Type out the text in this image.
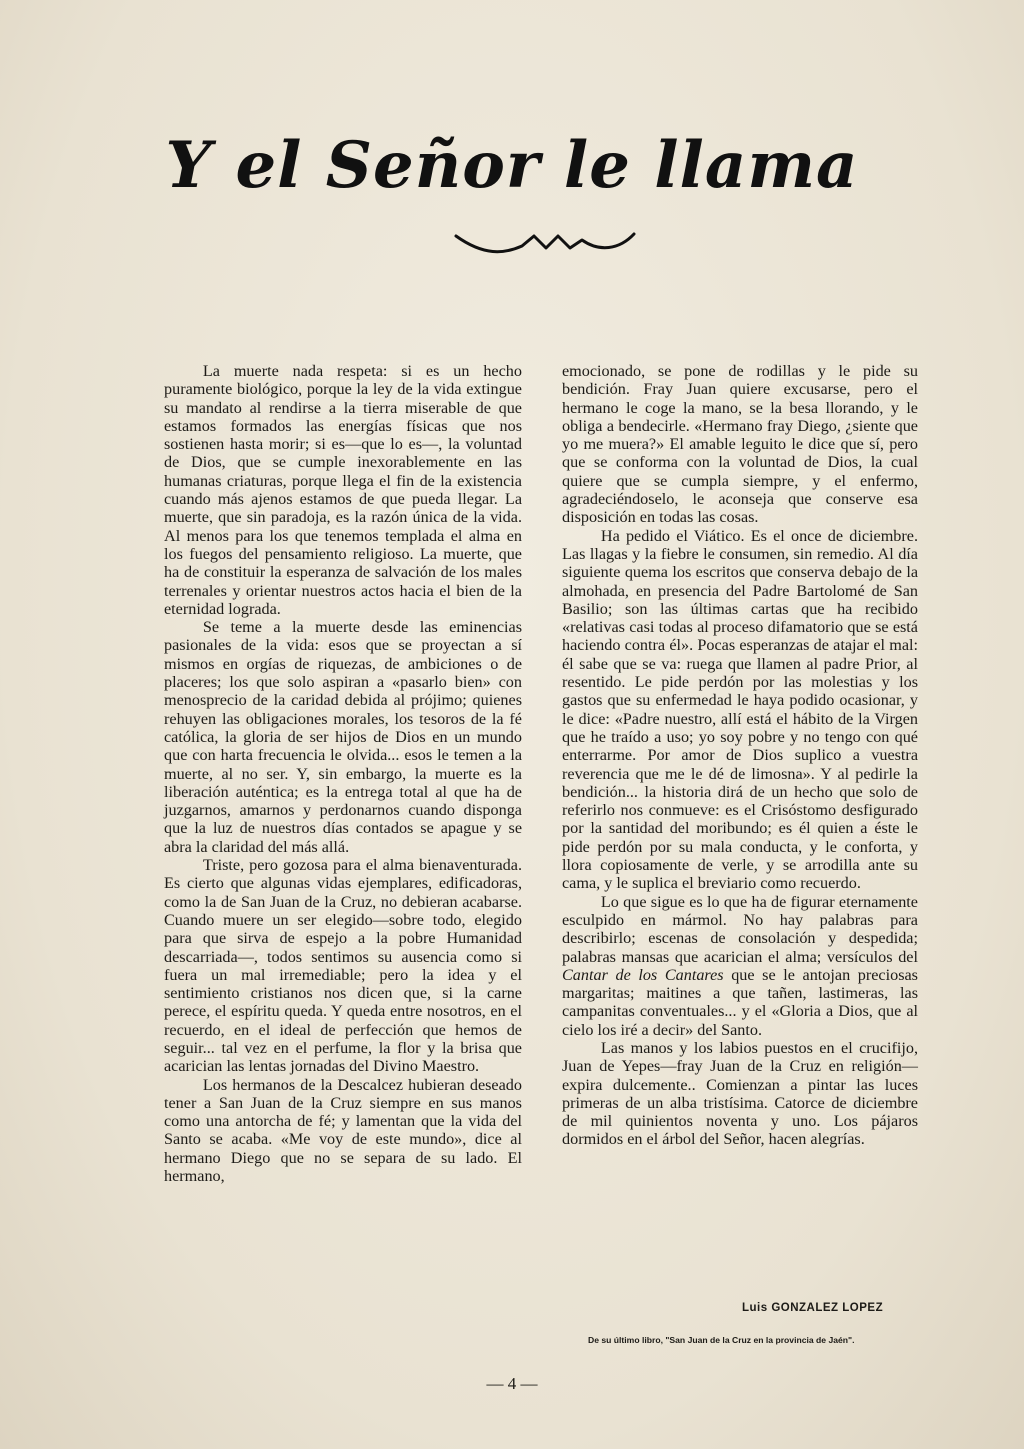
Y el Señor le llama

La muerte nada respeta: si es un hecho puramente biológico, porque la ley de la vida extingue su mandato al rendirse a la tierra miserable de que estamos formados las energías físicas que nos sostienen hasta morir; si es—que lo es—, la voluntad de Dios, que se cumple inexorablemente en las humanas criaturas, porque llega el fin de la existencia cuando más ajenos estamos de que pueda llegar. La muerte, que sin paradoja, es la razón única de la vida. Al menos para los que tenemos templada el alma en los fuegos del pensamiento religioso. La muerte, que ha de constituir la esperanza de salvación de los males terrenales y orientar nuestros actos hacia el bien de la eternidad lograda.

Se teme a la muerte desde las eminencias pasionales de la vida: esos que se proyectan a sí mismos en orgías de riquezas, de ambiciones o de placeres; los que solo aspiran a «pasarlo bien» con menosprecio de la caridad debida al prójimo; quienes rehuyen las obligaciones morales, los tesoros de la fé católica, la gloria de ser hijos de Dios en un mundo que con harta frecuencia le olvida... esos le temen a la muerte, al no ser. Y, sin embargo, la muerte es la liberación auténtica; es la entrega total al que ha de juzgarnos, amarnos y perdonarnos cuando disponga que la luz de nuestros días contados se apague y se abra la claridad del más allá.

Triste, pero gozosa para el alma bienaventurada. Es cierto que algunas vidas ejemplares, edificadoras, como la de San Juan de la Cruz, no debieran acabarse. Cuando muere un ser elegido—sobre todo, elegido para que sirva de espejo a la pobre Humanidad descarriada—, todos sentimos su ausencia como si fuera un mal irremediable; pero la idea y el sentimiento cristianos nos dicen que, si la carne perece, el espíritu queda. Y queda entre nosotros, en el recuerdo, en el ideal de perfección que hemos de seguir... tal vez en el perfume, la flor y la brisa que acarician las lentas jornadas del Divino Maestro.

Los hermanos de la Descalcez hubieran deseado tener a San Juan de la Cruz siempre en sus manos como una antorcha de fé; y lamentan que la vida del Santo se acaba. «Me voy de este mundo», dice al hermano Diego que no se separa de su lado. El hermano,

emocionado, se pone de rodillas y le pide su bendición. Fray Juan quiere excusarse, pero el hermano le coge la mano, se la besa llorando, y le obliga a bendecirle. «Hermano fray Diego, ¿siente que yo me muera?» El amable leguito le dice que sí, pero que se conforma con la voluntad de Dios, la cual quiere que se cumpla siempre, y el enfermo, agradeciéndoselo, le aconseja que conserve esa disposición en todas las cosas.

Ha pedido el Viático. Es el once de diciembre. Las llagas y la fiebre le consumen, sin remedio. Al día siguiente quema los escritos que conserva debajo de la almohada, en presencia del Padre Bartolomé de San Basilio; son las últimas cartas que ha recibido «relativas casi todas al proceso difamatorio que se está haciendo contra él». Pocas esperanzas de atajar el mal: él sabe que se va: ruega que llamen al padre Prior, al resentido. Le pide perdón por las molestias y los gastos que su enfermedad le haya podido ocasionar, y le dice: «Padre nuestro, allí está el hábito de la Virgen que he traído a uso; yo soy pobre y no tengo con qué enterrarme. Por amor de Dios suplico a vuestra reverencia que me le dé de limosna». Y al pedirle la bendición... la historia dirá de un hecho que solo de referirlo nos conmueve: es el Crisóstomo desfigurado por la santidad del moribundo; es él quien a éste le pide perdón por su mala conducta, y le conforta, y llora copiosamente de verle, y se arrodilla ante su cama, y le suplica el breviario como recuerdo.

Lo que sigue es lo que ha de figurar eternamente esculpido en mármol. No hay palabras para describirlo; escenas de consolación y despedida; palabras mansas que acarician el alma; versículos del Cantar de los Cantares que se le antojan preciosas margaritas; maitines a que tañen, lastimeras, las campanitas conventuales... y el «Gloria a Dios, que al cielo los iré a decir» del Santo.

Las manos y los labios puestos en el crucifijo, Juan de Yepes—fray Juan de la Cruz en religión—expira dulcemente.. Comienzan a pintar las luces primeras de un alba tristísima. Catorce de diciembre de mil quinientos noventa y uno. Los pájaros dormidos en el árbol del Señor, hacen alegrías.

Luis GONZALEZ LOPEZ
De su último libro, "San Juan de la Cruz en la provincia de Jaén".
— 4 —
